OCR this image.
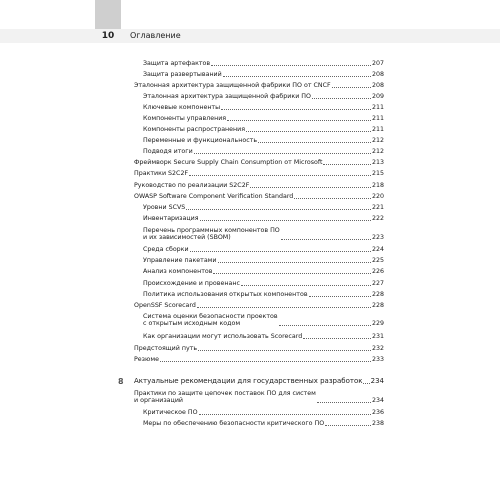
10	Оглавление
Защита артефактов	207
Защита развертываний	208
Эталонная архитектура защищенной фабрики ПО от CNCF	208
Эталонная архитектура защищенной фабрики ПО	209
Ключевые компоненты	211
Компоненты управления	211
Компоненты распространения	211
Переменные и функциональность	212
Подводя итоги	212
Фреймворк Secure Supply Chain Consumption от Microsoft	213
Практики S2C2F	215
Руководство по реализации S2C2F	218
OWASP Software Component Verification Standard	220
Уровни SCVS	221
Инвентаризация	222
Перечень программных компонентов ПО
и их зависимостей (SBOM)	223
Среда сборки	224
Управление пакетами	225
Анализ компонентов	226
Происхождение и провенанс	227
Политика использования открытых компонентов	228
OpenSSF Scorecard	228
Система оценки безопасности проектов
с открытым исходным кодом	229
Как организации могут использовать Scorecard	231
Предстоящий путь	232
Резюме	233
8 Актуальные рекомендации для государственных разработок 234
Практики по защите цепочек поставок ПО для систем
и организаций	234
Критическое ПО	236
Меры по обеспечению безопасности критического ПО	238
